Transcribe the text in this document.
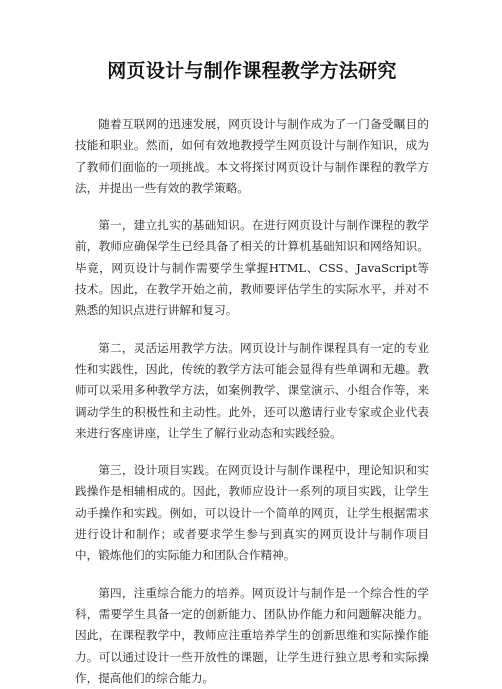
网页设计与制作课程教学方法研究

随着互联网的迅速发展，网页设计与制作成为了一门备受瞩目的技能和职业。然而，如何有效地教授学生网页设计与制作知识，成为了教师们面临的一项挑战。本文将探讨网页设计与制作课程的教学方法，并提出一些有效的教学策略。

第一，建立扎实的基础知识。在进行网页设计与制作课程的教学前，教师应确保学生已经具备了相关的计算机基础知识和网络知识。毕竟，网页设计与制作需要学生掌握HTML、CSS、JavaScript等技术。因此，在教学开始之前，教师要评估学生的实际水平，并对不熟悉的知识点进行讲解和复习。

第二，灵活运用教学方法。网页设计与制作课程具有一定的专业性和实践性，因此，传统的教学方法可能会显得有些单调和无趣。教师可以采用多种教学方法，如案例教学、课堂演示、小组合作等，来调动学生的积极性和主动性。此外，还可以邀请行业专家或企业代表来进行客座讲座，让学生了解行业动态和实践经验。

第三，设计项目实践。在网页设计与制作课程中，理论知识和实践操作是相辅相成的。因此，教师应设计一系列的项目实践，让学生动手操作和实践。例如，可以设计一个简单的网页，让学生根据需求进行设计和制作；或者要求学生参与到真实的网页设计与制作项目中，锻炼他们的实际能力和团队合作精神。

第四，注重综合能力的培养。网页设计与制作是一个综合性的学科，需要学生具备一定的创新能力、团队协作能力和问题解决能力。因此，在课程教学中，教师应注重培养学生的创新思维和实际操作能力。可以通过设计一些开放性的课题，让学生进行独立思考和实际操作，提高他们的综合能力。
